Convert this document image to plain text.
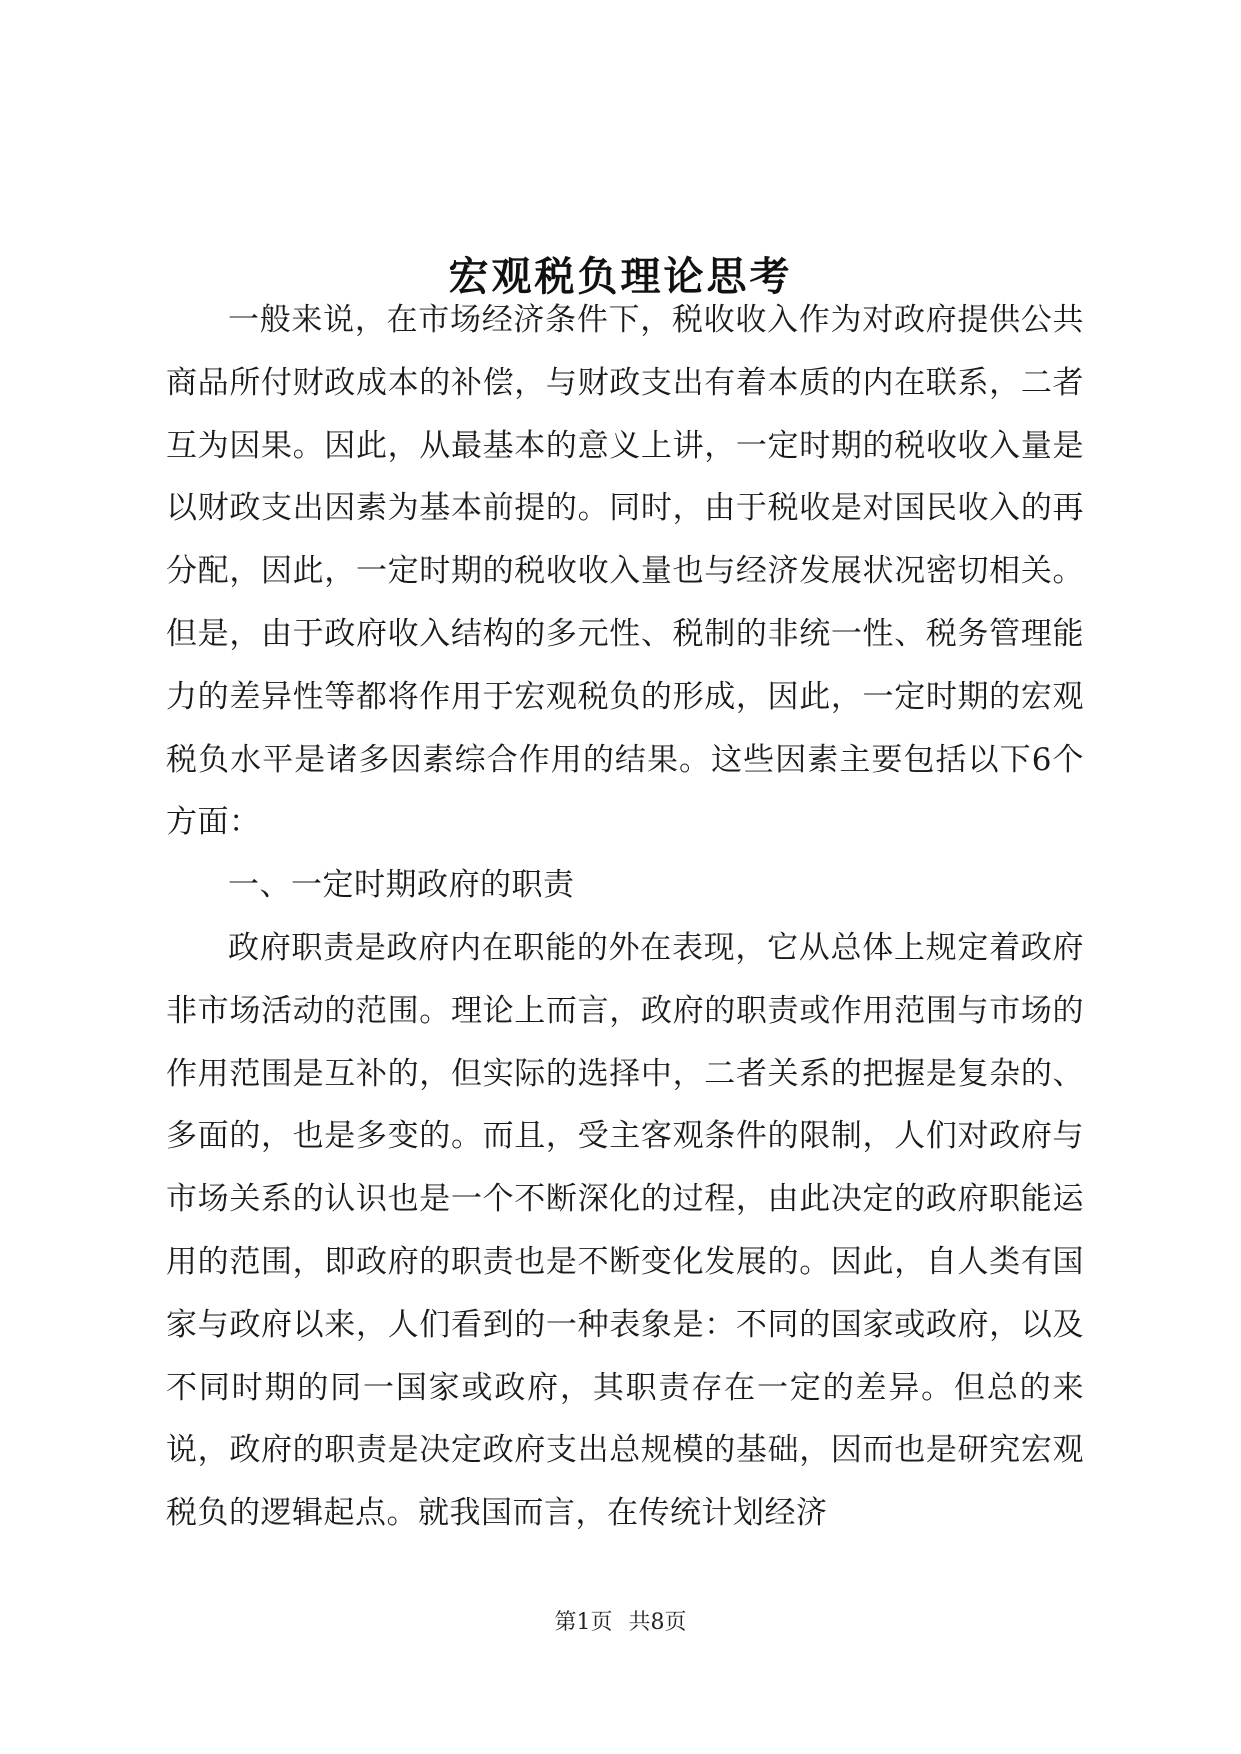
宏观税负理论思考

一般来说，在市场经济条件下，税收收入作为对政府提供公共商品所付财政成本的补偿，与财政支出有着本质的内在联系，二者互为因果。因此，从最基本的意义上讲，一定时期的税收收入量是以财政支出因素为基本前提的。同时，由于税收是对国民收入的再分配，因此，一定时期的税收收入量也与经济发展状况密切相关。但是，由于政府收入结构的多元性、税制的非统一性、税务管理能力的差异性等都将作用于宏观税负的形成，因此，一定时期的宏观税负水平是诸多因素综合作用的结果。这些因素主要包括以下6个方面：

一、一定时期政府的职责

政府职责是政府内在职能的外在表现，它从总体上规定着政府非市场活动的范围。理论上而言，政府的职责或作用范围与市场的作用范围是互补的，但实际的选择中，二者关系的把握是复杂的、多面的，也是多变的。而且，受主客观条件的限制，人们对政府与市场关系的认识也是一个不断深化的过程，由此决定的政府职能运用的范围，即政府的职责也是不断变化发展的。因此，自人类有国家与政府以来，人们看到的一种表象是：不同的国家或政府，以及不同时期的同一国家或政府，其职责存在一定的差异。但总的来说，政府的职责是决定政府支出总规模的基础，因而也是研究宏观税负的逻辑起点。就我国而言，在传统计划经济

第1页 共8页
